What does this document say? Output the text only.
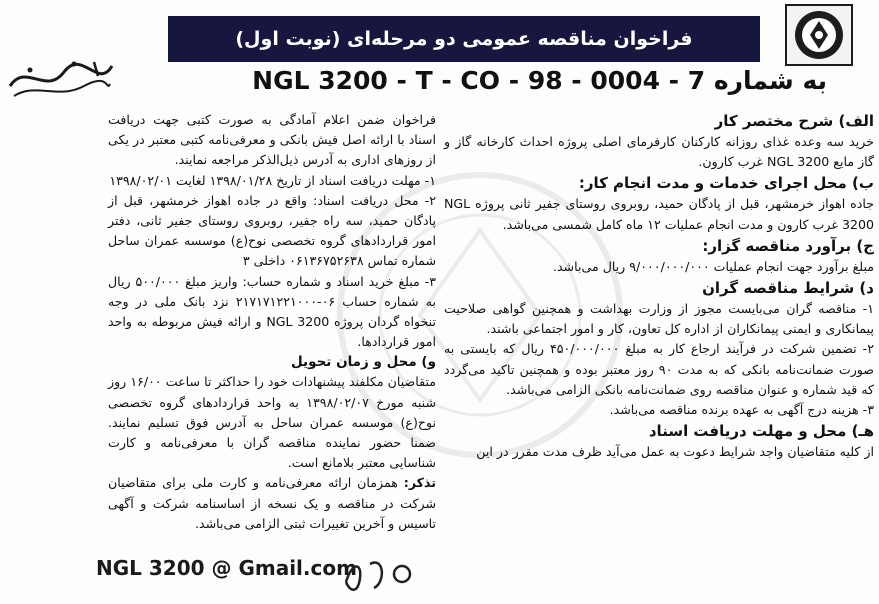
فراخوان مناقصه عمومی دو مرحله‌ای (نوبت اول)
به شماره NGL 3200 - T - CO - 98 - 0004 - 7
الف) شرح مختصر کار
خرید سه وعده غذای روزانه کارکنان کارفرمای اصلی پروژه احداث کارخانه گاز و گاز مایع NGL 3200 غرب کارون.
ب) محل اجرای خدمات و مدت انجام کار:
جاده اهواز خرمشهر، قبل از پادگان حمید، روبروی روستای جفیر ثانی پروژه NGL 3200 غرب کارون و مدت انجام عملیات ۱۲ ماه کامل شمسی می‌باشد.
ج) برآورد مناقصه گزار:
مبلغ برآورد جهت انجام عملیات ۹/۰۰۰/۰۰۰/۰۰۰ ریال می‌باشد.
د) شرایط مناقصه گران
۱- مناقصه گران می‌بایست مجوز از وزارت بهداشت و همچنین گواهی صلاحیت پیمانکاری و ایمنی پیمانکاران از اداره کل تعاون، کار و امور اجتماعی باشند.
۲- تضمین شرکت در فرآیند ارجاع کار به مبلغ ۴۵۰/۰۰۰/۰۰۰ ریال که بایستی به صورت ضمانت‌نامه بانکی که به مدت ۹۰ روز معتبر بوده و همچنین تاکید می‌گردد که قید شماره و عنوان مناقصه روی ضمانت‌نامه بانکی الزامی می‌باشد.
۳- هزینه درج آگهی به عهده برنده مناقصه می‌باشد.
هـ) محل و مهلت دریافت اسناد
از کلیه متقاضیان واجد شرایط دعوت به عمل می‌آید ظرف مدت مقرر در این
فراخوان ضمن اعلام آمادگی به صورت کتبی جهت دریافت اسناد با ارائه اصل فیش بانکی و معرفی‌نامه کتبی معتبر در یکی از روزهای اداری به آدرس ذیل‌الذکر مراجعه نمایند.
۱- مهلت دریافت اسناد از تاریخ ۱۳۹۸/۰۱/۲۸ لغایت ۱۳۹۸/۰۲/۰۱
۲- محل دریافت اسناد: واقع در جاده اهواز خرمشهر، قبل از پادگان حمید، سه راه جفیر، روبروی روستای جفیر ثانی، دفتر امور قراردادهای گروه تخصصی نوح(ع) موسسه عمران ساحل شماره تماس ۰۶۱۳۶۷۵۲۶۳۸ داخلی ۳
۳- مبلغ خرید اسناد و شماره حساب: واریز مبلغ ۵۰۰/۰۰۰ ریال به شماره حساب ۰۶-۲۱۷۱۷۱۲۲۱۰۰۰ نزد بانک ملی در وجه تنخواه گردان پروژه NGL 3200 و ارائه فیش مربوطه به واحد امور قراردادها.
و) محل و زمان تحویل
متقاضیان مکلفند پیشنهادات خود را حداکثر تا ساعت ۱۶/۰۰ روز شنبه مورخ ۱۳۹۸/۰۲/۰۷ به واحد قراردادهای گروه تخصصی نوح(ع) موسسه عمران ساحل به آدرس فوق تسلیم نمایند. ضمنا حضور نماینده مناقصه گران با معرفی‌نامه و کارت شناسایی معتبر بلامانع است.
تذکر: همزمان ارائه معرفی‌نامه و کارت ملی برای متقاضیان شرکت در مناقصه و یک نسخه از اساسنامه شرکت و آگهی تاسیس و آخرین تغییرات ثبتی الزامی می‌باشد.
NGL 3200 @ Gmail.com
۲۹۰
